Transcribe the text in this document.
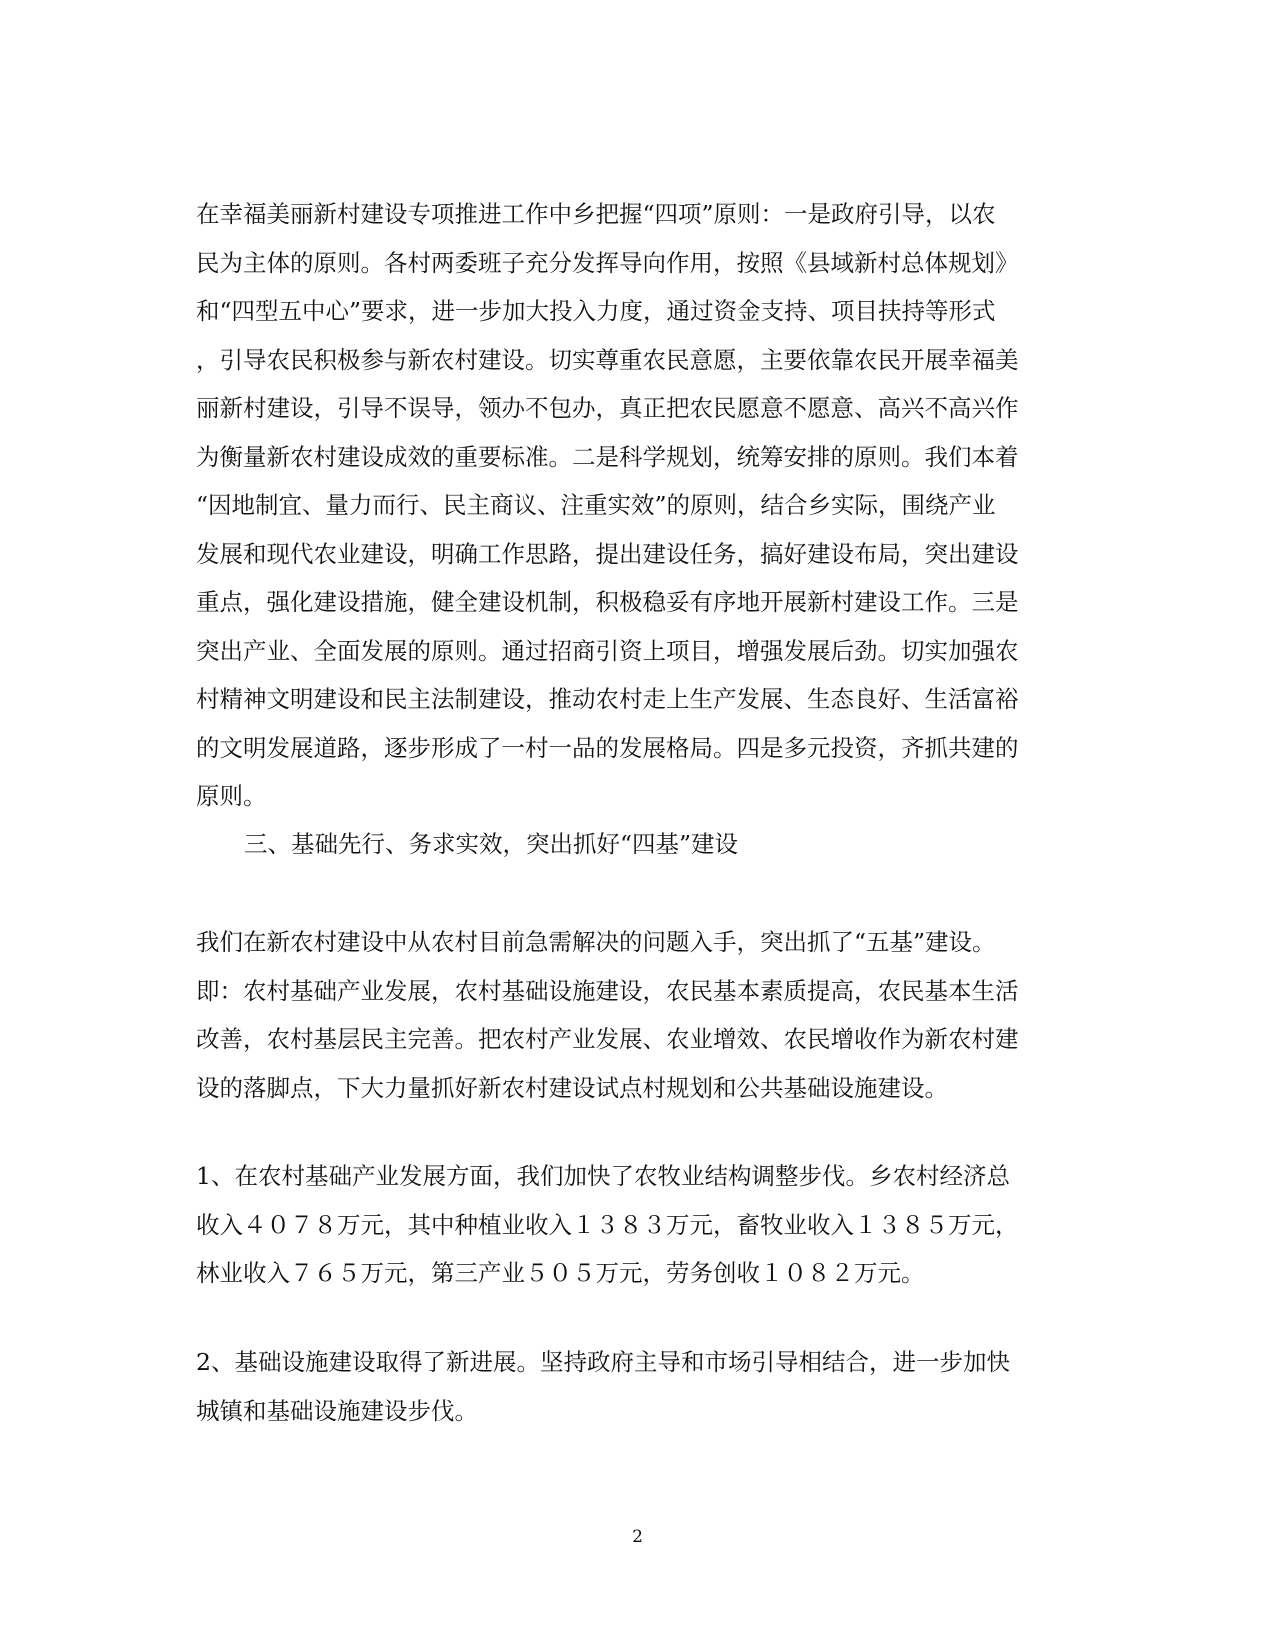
在幸福美丽新村建设专项推进工作中乡把握“四项”原则：一是政府引导，以农
民为主体的原则。各村两委班子充分发挥导向作用，按照《县域新村总体规划》
和“四型五中心”要求，进一步加大投入力度，通过资金支持、项目扶持等形式
，引导农民积极参与新农村建设。切实尊重农民意愿，主要依靠农民开展幸福美
丽新村建设，引导不误导，领办不包办，真正把农民愿意不愿意、高兴不高兴作
为衡量新农村建设成效的重要标准。二是科学规划，统筹安排的原则。我们本着
“因地制宜、量力而行、民主商议、注重实效”的原则，结合乡实际，围绕产业
发展和现代农业建设，明确工作思路，提出建设任务，搞好建设布局，突出建设
重点，强化建设措施，健全建设机制，积极稳妥有序地开展新村建设工作。三是
突出产业、全面发展的原则。通过招商引资上项目，增强发展后劲。切实加强农
村精神文明建设和民主法制建设，推动农村走上生产发展、生态良好、生活富裕
的文明发展道路，逐步形成了一村一品的发展格局。四是多元投资，齐抓共建的
原则。
三、基础先行、务求实效，突出抓好“四基”建设
我们在新农村建设中从农村目前急需解决的问题入手，突出抓了“五基”建设。
即：农村基础产业发展，农村基础设施建设，农民基本素质提高，农民基本生活
改善，农村基层民主完善。把农村产业发展、农业增效、农民增收作为新农村建
设的落脚点，下大力量抓好新农村建设试点村规划和公共基础设施建设。
1、在农村基础产业发展方面，我们加快了农牧业结构调整步伐。乡农村经济总
收入４０７８万元，其中种植业收入１３８３万元，畜牧业收入１３８５万元，
林业收入７６５万元，第三产业５０５万元，劳务创收１０８２万元。
2、基础设施建设取得了新进展。坚持政府主导和市场引导相结合，进一步加快
城镇和基础设施建设步伐。
2
